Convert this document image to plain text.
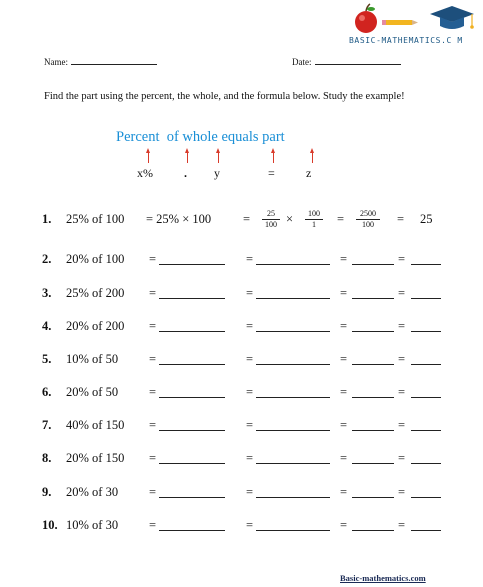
BASIC-MATHEMATICS.C M
Name:	Date:
Find the part using the percent, the whole, and the formula below. Study the example!
Percent  of whole equals part
x%	. y	=	z
1. 25% of 100 = 25% × 100	= $\frac{25}{100} \times \frac{100}{1} = \frac{2500}{100} = 25$
2. 20% of 100 =	=	=	=
3. 25% of 200 =	=	=	=
4. 20% of 200 =	=	=	=
5. 10% of 50 =	=	=	=
6. 20% of 50 =	=	=	=
7. 40% of 150 =	=	=	=
8. 20% of 150 =	=	=	=
9. 20% of 30 =	=	=	=
10. 10% of 30 =	=	=	=
Basic-mathematics.com
